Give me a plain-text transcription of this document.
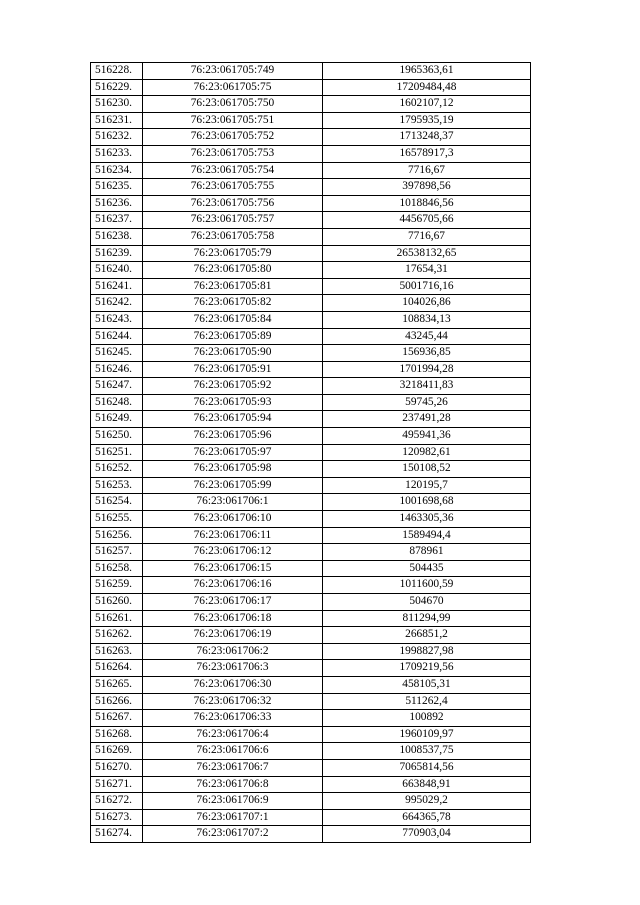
516228.	76:23:061705:749	1965363,61
516229.	76:23:061705:75	17209484,48
516230.	76:23:061705:750	1602107,12
516231.	76:23:061705:751	1795935,19
516232.	76:23:061705:752	1713248,37
516233.	76:23:061705:753	16578917,3
516234.	76:23:061705:754	7716,67
516235.	76:23:061705:755	397898,56
516236.	76:23:061705:756	1018846,56
516237.	76:23:061705:757	4456705,66
516238.	76:23:061705:758	7716,67
516239.	76:23:061705:79	26538132,65
516240.	76:23:061705:80	17654,31
516241.	76:23:061705:81	5001716,16
516242.	76:23:061705:82	104026,86
516243.	76:23:061705:84	108834,13
516244.	76:23:061705:89	43245,44
516245.	76:23:061705:90	156936,85
516246.	76:23:061705:91	1701994,28
516247.	76:23:061705:92	3218411,83
516248.	76:23:061705:93	59745,26
516249.	76:23:061705:94	237491,28
516250.	76:23:061705:96	495941,36
516251.	76:23:061705:97	120982,61
516252.	76:23:061705:98	150108,52
516253.	76:23:061705:99	120195,7
516254.	76:23:061706:1	1001698,68
516255.	76:23:061706:10	1463305,36
516256.	76:23:061706:11	1589494,4
516257.	76:23:061706:12	878961
516258.	76:23:061706:15	504435
516259.	76:23:061706:16	1011600,59
516260.	76:23:061706:17	504670
516261.	76:23:061706:18	811294,99
516262.	76:23:061706:19	266851,2
516263.	76:23:061706:2	1998827,98
516264.	76:23:061706:3	1709219,56
516265.	76:23:061706:30	458105,31
516266.	76:23:061706:32	511262,4
516267.	76:23:061706:33	100892
516268.	76:23:061706:4	1960109,97
516269.	76:23:061706:6	1008537,75
516270.	76:23:061706:7	7065814,56
516271.	76:23:061706:8	663848,91
516272.	76:23:061706:9	995029,2
516273.	76:23:061707:1	664365,78
516274.	76:23:061707:2	770903,04
